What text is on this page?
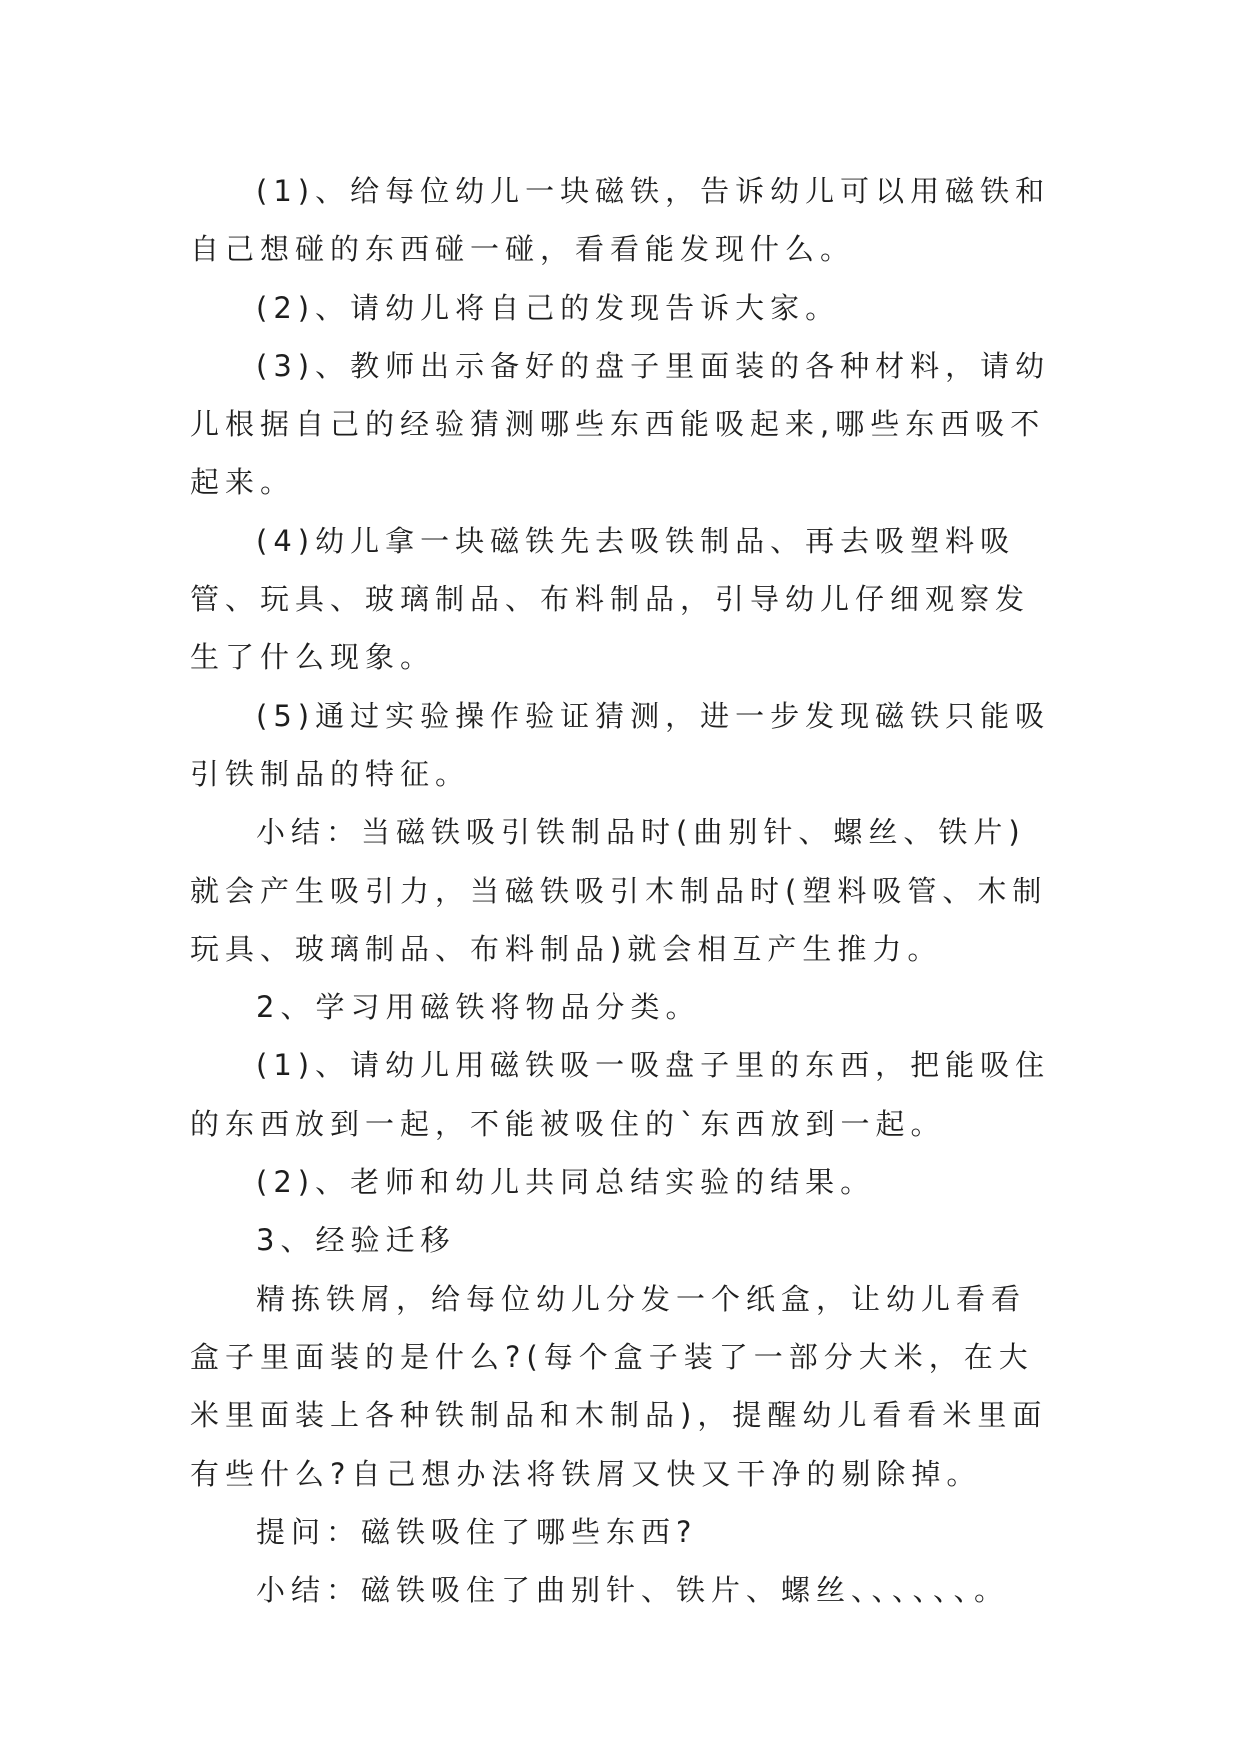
(1)、给每位幼儿一块磁铁，告诉幼儿可以用磁铁和自己想碰的东西碰一碰，看看能发现什么。

(2)、请幼儿将自己的发现告诉大家。

(3)、教师出示备好的盘子里面装的各种材料，请幼儿根据自己的经验猜测哪些东西能吸起来,哪些东西吸不起来。

(4)幼儿拿一块磁铁先去吸铁制品、再去吸塑料吸管、玩具、玻璃制品、布料制品，引导幼儿仔细观察发生了什么现象。

(5)通过实验操作验证猜测，进一步发现磁铁只能吸引铁制品的特征。

小结：当磁铁吸引铁制品时(曲别针、螺丝、铁片)就会产生吸引力，当磁铁吸引木制品时(塑料吸管、木制玩具、玻璃制品、布料制品)就会相互产生推力。

2、学习用磁铁将物品分类。

(1)、请幼儿用磁铁吸一吸盘子里的东西，把能吸住的东西放到一起，不能被吸住的`东西放到一起。

(2)、老师和幼儿共同总结实验的结果。

3、经验迁移

精拣铁屑，给每位幼儿分发一个纸盒，让幼儿看看盒子里面装的是什么?(每个盒子装了一部分大米，在大米里面装上各种铁制品和木制品)，提醒幼儿看看米里面有些什么?自己想办法将铁屑又快又干净的剔除掉。

提问：磁铁吸住了哪些东西?

小结：磁铁吸住了曲别针、铁片、螺丝、、、、、、。
